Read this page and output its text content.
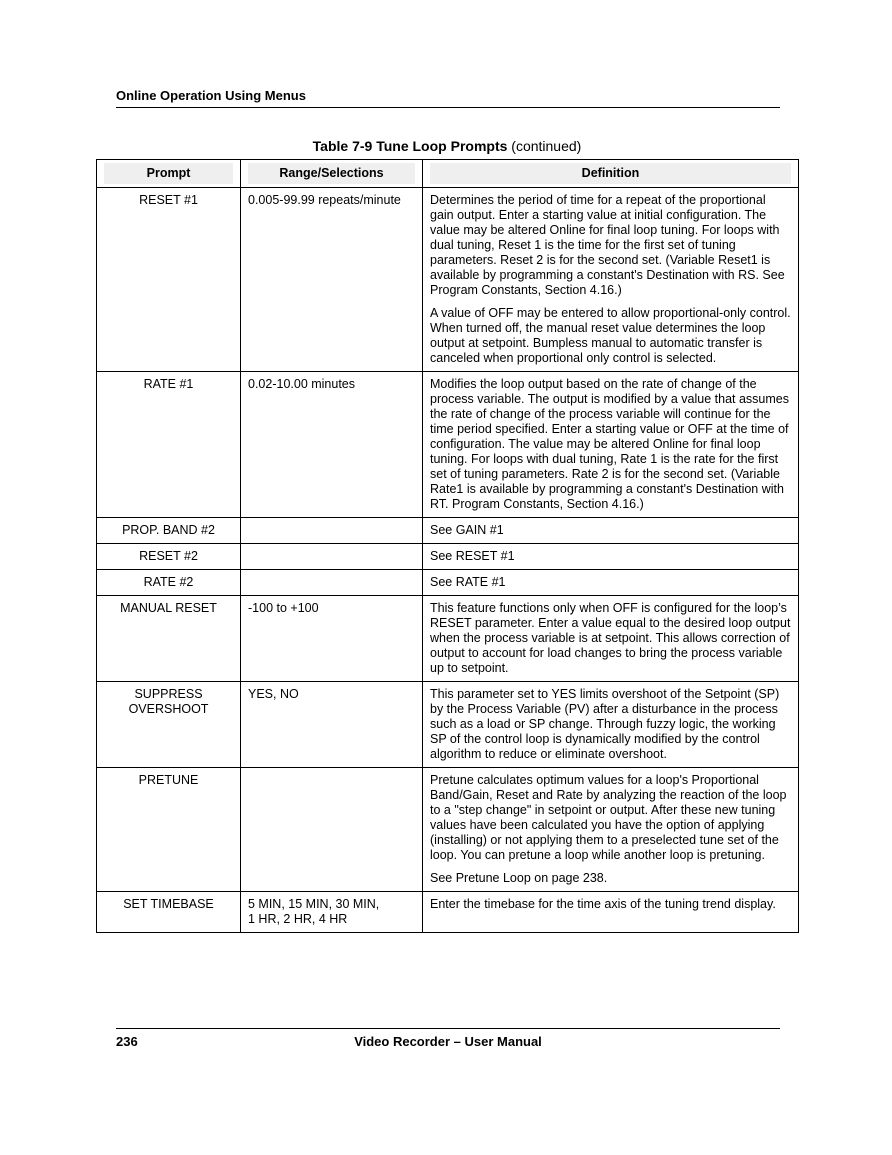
Online Operation Using Menus
Table 7-9 Tune Loop Prompts (continued)
Prompt	Range/Selections	Definition

RESET #1	0.005-99.99 repeats/minute	Determines the period of time for a repeat of the proportional gain output. Enter a starting value at initial configuration. The value may be altered Online for final loop tuning. For loops with dual tuning, Reset 1 is the time for the first set of tuning parameters. Reset 2 is for the second set. (Variable Reset1 is available by programming a constant's Destination with RS. See Program Constants, Section 4.16.)

A value of OFF may be entered to allow proportional-only control. When turned off, the manual reset value determines the loop output at setpoint. Bumpless manual to automatic transfer is canceled when proportional only control is selected.

RATE #1	0.02-10.00 minutes	Modifies the loop output based on the rate of change of the process variable. The output is modified by a value that assumes the rate of change of the process variable will continue for the time period specified. Enter a starting value or OFF at the time of configuration. The value may be altered Online for final loop tuning. For loops with dual tuning, Rate 1 is the rate for the first set of tuning parameters. Rate 2 is for the second set. (Variable Rate1 is available by programming a constant's Destination with RT. Program Constants, Section 4.16.)

PROP. BAND #2		See GAIN #1

RESET #2		See RESET #1

RATE #2		See RATE #1

MANUAL RESET	-100 to +100	This feature functions only when OFF is configured for the loop’s RESET parameter. Enter a value equal to the desired loop output when the process variable is at setpoint. This allows correction of output to account for load changes to bring the process variable up to setpoint.

SUPPRESS
OVERSHOOT	YES, NO	This parameter set to YES limits overshoot of the Setpoint (SP) by the Process Variable (PV) after a disturbance in the process such as a load or SP change. Through fuzzy logic, the working SP of the control loop is dynamically modified by the control algorithm to reduce or eliminate overshoot.

PRETUNE		Pretune calculates optimum values for a loop's Proportional Band/Gain, Reset and Rate by analyzing the reaction of the loop to a "step change" in setpoint or output. After these new tuning values have been calculated you have the option of applying (installing) or not applying them to a preselected tune set of the loop. You can pretune a loop while another loop is pretuning.

See Pretune Loop on page 238.

SET TIMEBASE	5 MIN, 15 MIN, 30 MIN,
1 HR, 2 HR, 4 HR	Enter the timebase for the time axis of the tuning trend display.

236	Video Recorder – User Manual
